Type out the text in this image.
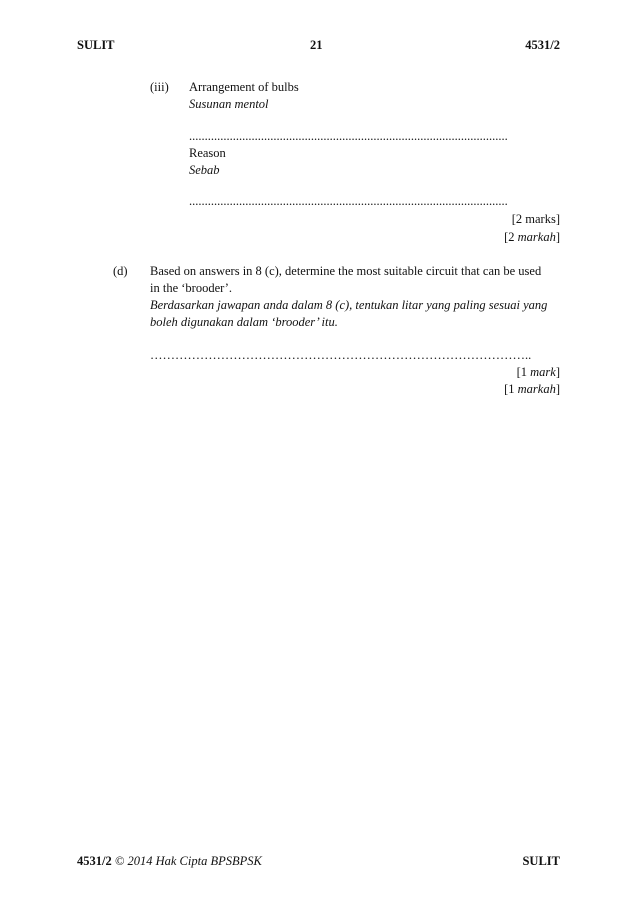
SULIT	21	4531/2
(iii) Arrangement of bulbs
Susunan mentol
......................................................................................................
Reason
Sebab
......................................................................................................
[2 marks]
[2 markah]
(d) Based on answers in 8 (c), determine the most suitable circuit that can be used
in the ‘brooder’.
Berdasarkan jawapan anda dalam 8 (c), tentukan litar yang paling sesuai yang
boleh digunakan dalam ‘brooder’ itu.
………………………………………………………………………………..
[1 mark]
[1 markah]
4531/2 © 2014 Hak Cipta BPSBPSK	SULIT
